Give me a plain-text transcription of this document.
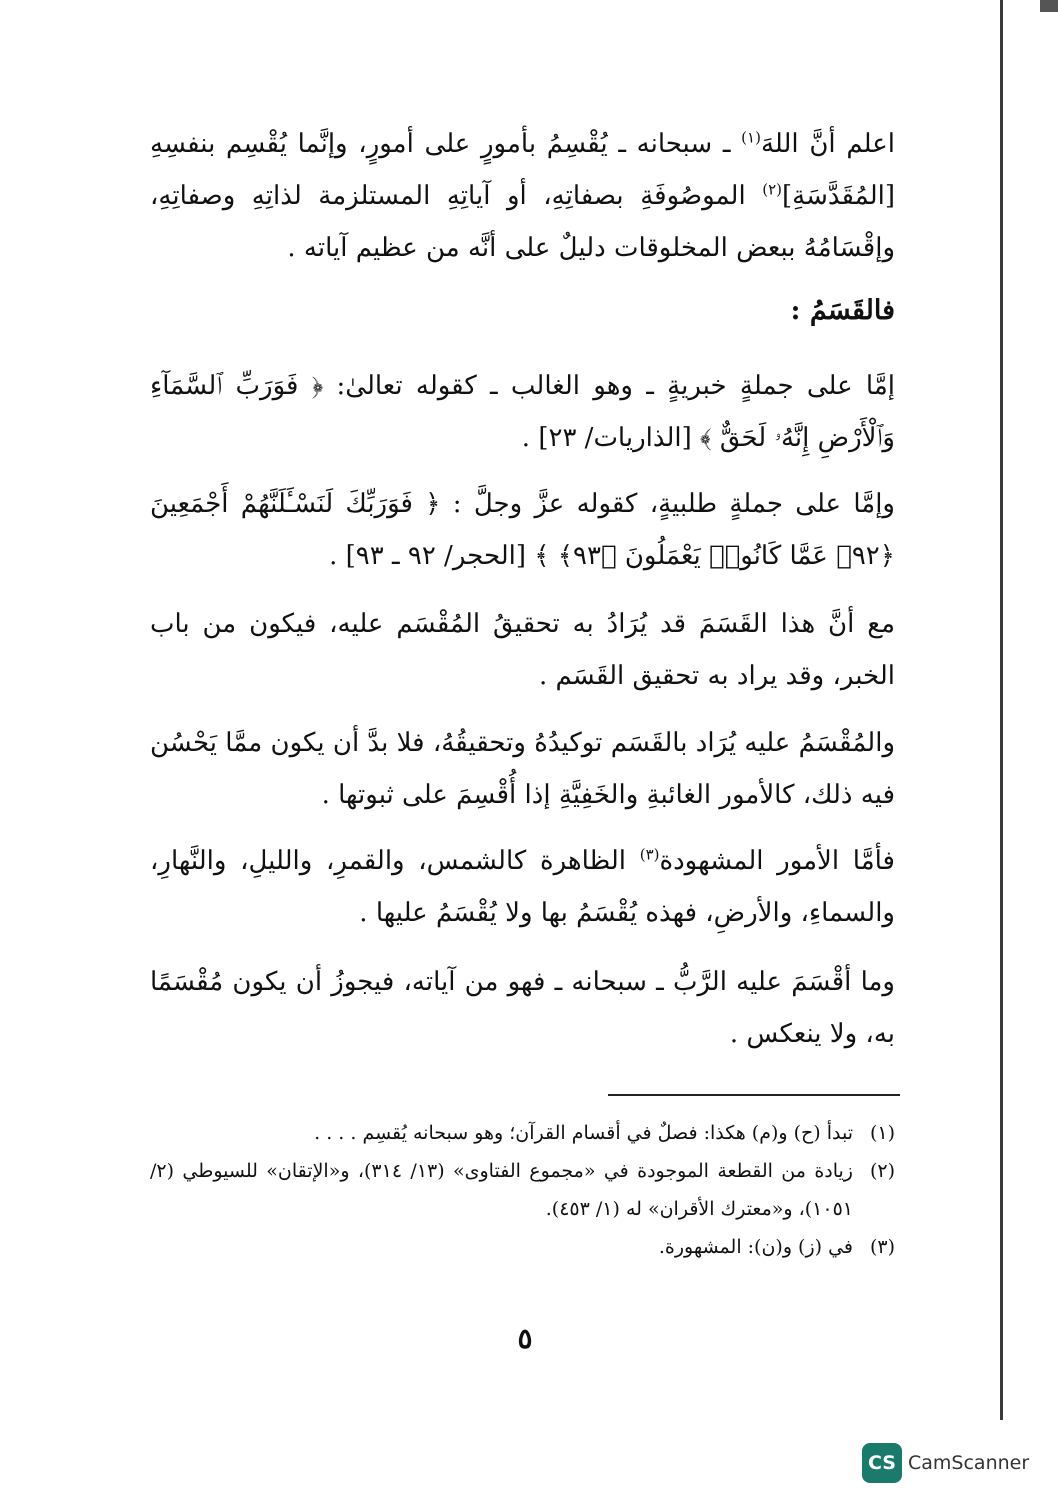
اعلم أنَّ اللهَ$^{(١)}$ ـ سبحانه ـ يُقْسِمُ بأمورٍ على أمورٍ، وإنَّما يُقْسِم بنفسِهِ [المُقَدَّسَةِ]$^{(٢)}$ الموصُوفَةِ بصفاتِهِ، أو آياتِهِ المستلزمة لذاتِهِ وصفاتِهِ، وإقْسَامُهُ ببعض المخلوقات دليلٌ على أنَّه من عظيم آياته .

فالقَسَمُ :

إمَّا على جملةٍ خبريةٍ ـ وهو الغالب ـ كقوله تعالىٰ: ﴿ فَوَرَبِّ ٱلسَّمَآءِ وَٱلْأَرْضِ إِنَّهُۥ لَحَقٌّ ﴾ [الذاريات/ ٢٣] .

وإمَّا على جملةٍ طلبيةٍ، كقوله عزَّ وجلَّ : ﴿ فَوَرَبِّكَ لَنَسْـَٔلَنَّهُمْ أَجْمَعِينَ ﴿٩٢﴾ عَمَّا كَانُوا۟ يَعْمَلُونَ ﴿٩٣﴾ ﴾ [الحجر/ ٩٢ ـ ٩٣] .

مع أنَّ هذا القَسَمَ قد يُرَادُ به تحقيقُ المُقْسَم عليه، فيكون من باب الخبر، وقد يراد به تحقيق القَسَم .

والمُقْسَمُ عليه يُرَاد بالقَسَم توكيدُهُ وتحقيقُهُ، فلا بدَّ أن يكون ممَّا يَحْسُن فيه ذلك، كالأمور الغائبةِ والخَفِيَّةِ إذا أُقْسِمَ على ثبوتها .

فأمَّا الأمور المشهودة$^{(٣)}$ الظاهرة كالشمس، والقمرِ، والليلِ، والنَّهارِ، والسماءِ، والأرضِ، فهذه يُقْسَمُ بها ولا يُقْسَمُ عليها .

وما أقْسَمَ عليه الرَّبُّ ـ سبحانه ـ فهو من آياته، فيجوزُ أن يكون مُقْسَمًا به، ولا ينعكس .

(١)
تبدأ (ح) و(م) هكذا: فصلٌ في أقسام القرآن؛ وهو سبحانه يُقسِم . . . .
(٢)
زيادة من القطعة الموجودة في «مجموع الفتاوى» (١٣/ ٣١٤)، و«الإتقان» للسيوطي (٢/ ١٠٥١)، و«معترك الأقران» له (١/ ٤٥٣).
(٣)
في (ز) و(ن): المشهورة.
٥
CS CamScanner
